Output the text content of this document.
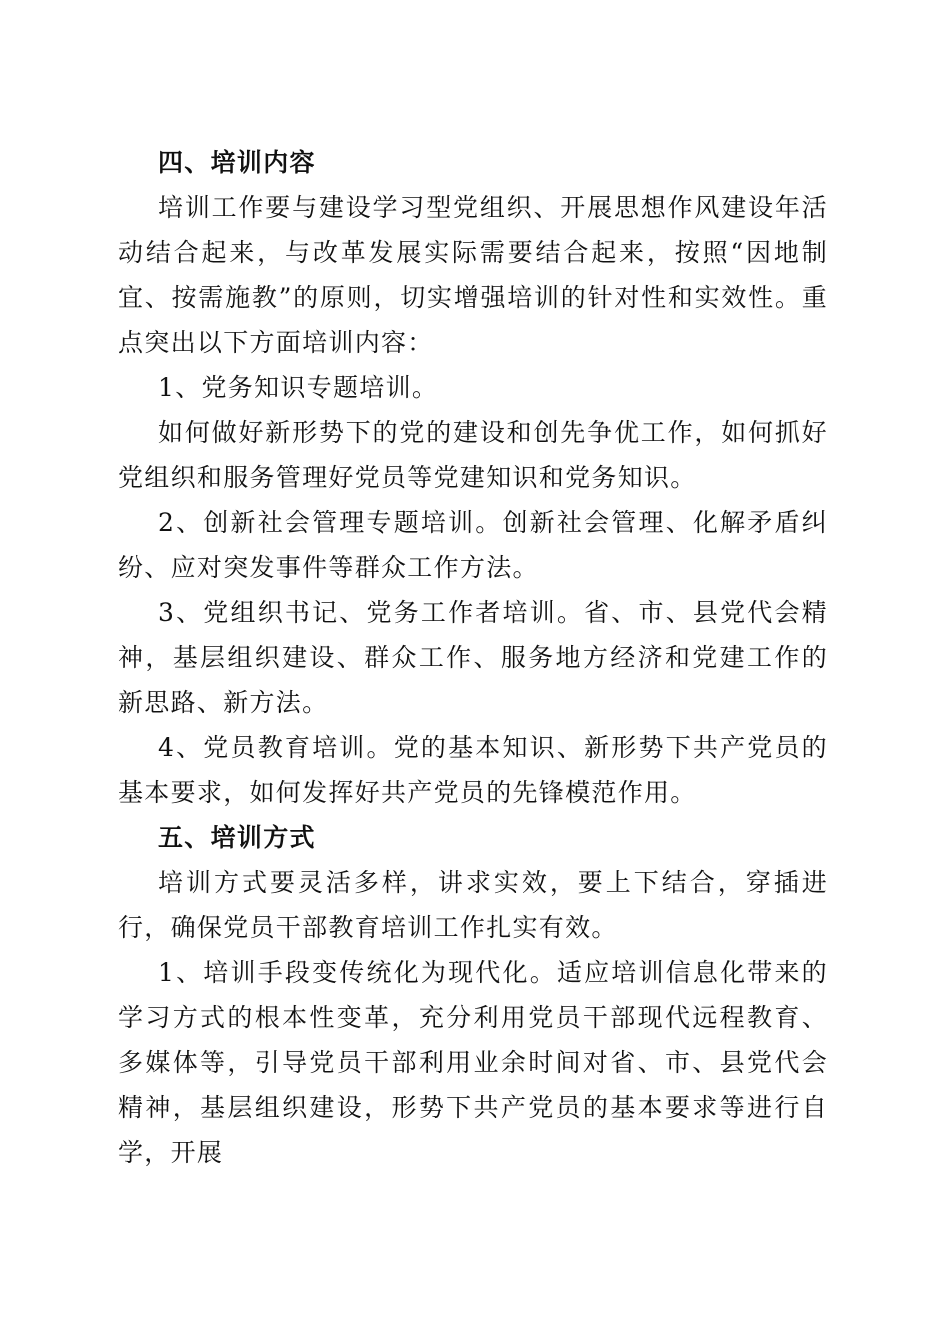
四、培训内容

培训工作要与建设学习型党组织、开展思想作风建设年活动结合起来，与改革发展实际需要结合起来，按照“因地制宜、按需施教”的原则，切实增强培训的针对性和实效性。重点突出以下方面培训内容：

1、党务知识专题培训。

如何做好新形势下的党的建设和创先争优工作，如何抓好党组织和服务管理好党员等党建知识和党务知识。

2、创新社会管理专题培训。创新社会管理、化解矛盾纠纷、应对突发事件等群众工作方法。

3、党组织书记、党务工作者培训。省、市、县党代会精神，基层组织建设、群众工作、服务地方经济和党建工作的新思路、新方法。

4、党员教育培训。党的基本知识、新形势下共产党员的基本要求，如何发挥好共产党员的先锋模范作用。

五、培训方式

培训方式要灵活多样，讲求实效，要上下结合，穿插进行，确保党员干部教育培训工作扎实有效。

1、培训手段变传统化为现代化。适应培训信息化带来的学习方式的根本性变革，充分利用党员干部现代远程教育、多媒体等，引导党员干部利用业余时间对省、市、县党代会精神，基层组织建设，形势下共产党员的基本要求等进行自学，开展
